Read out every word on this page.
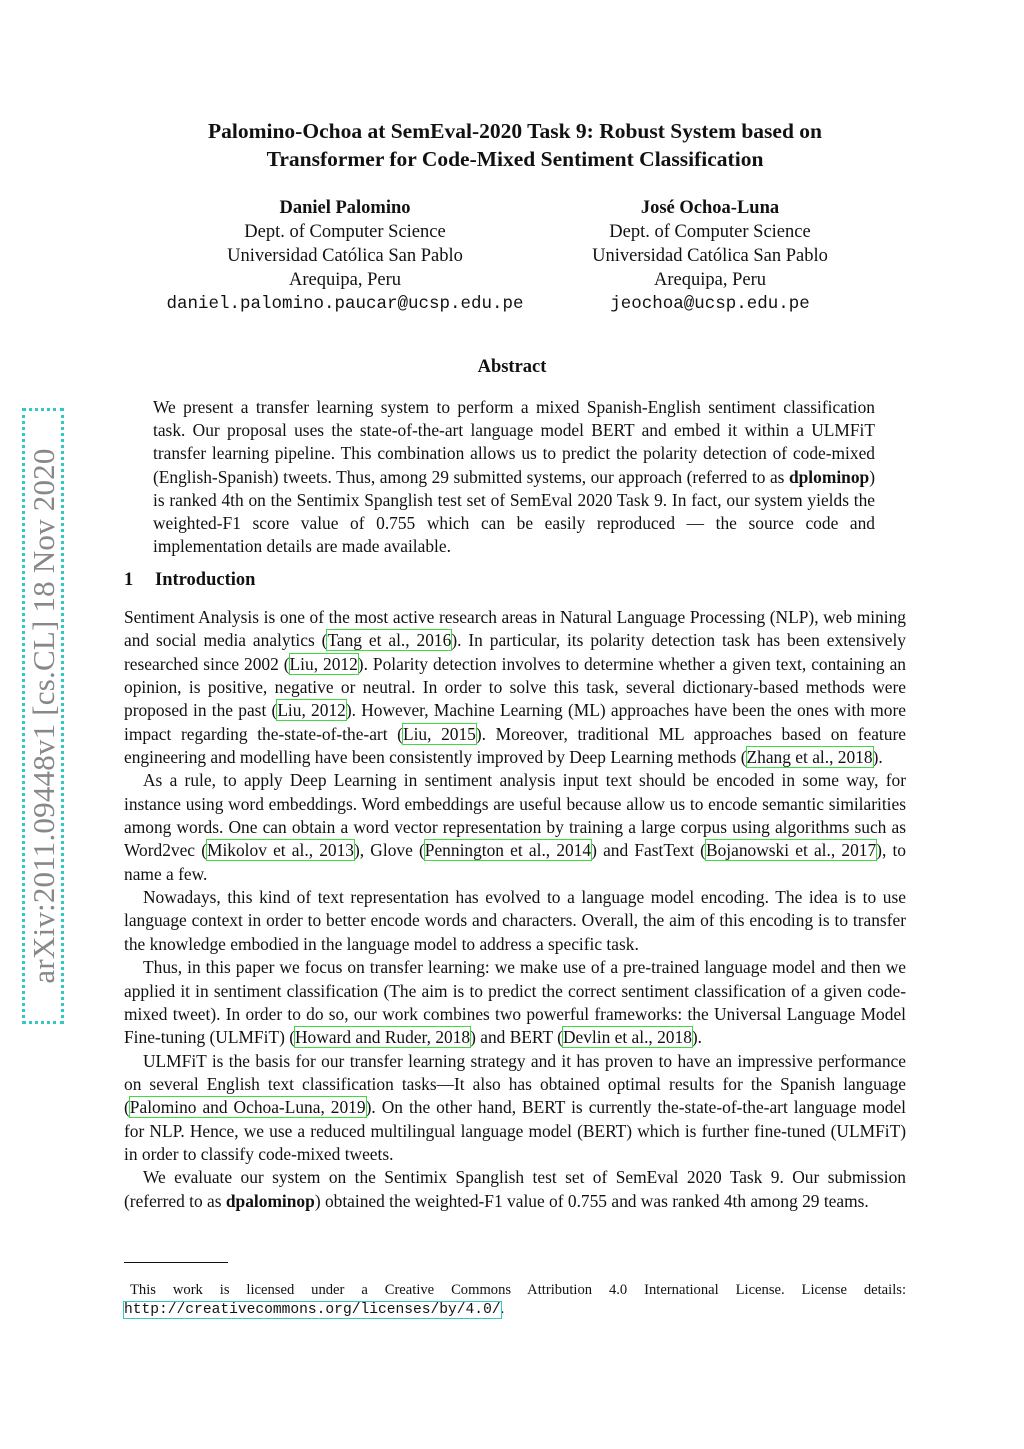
arXiv:2011.09448v1 [cs.CL] 18 Nov 2020
Palomino-Ochoa at SemEval-2020 Task 9: Robust System based on
Transformer for Code-Mixed Sentiment Classification
Daniel Palomino
Dept. of Computer Science
Universidad Católica San Pablo
Arequipa, Peru
daniel.palomino.paucar@ucsp.edu.pe
José Ochoa-Luna
Dept. of Computer Science
Universidad Católica San Pablo
Arequipa, Peru
jeochoa@ucsp.edu.pe
Abstract
We present a transfer learning system to perform a mixed Spanish-English sentiment classification task. Our proposal uses the state-of-the-art language model BERT and embed it within a ULMFiT transfer learning pipeline. This combination allows us to predict the polarity detection of code-mixed (English-Spanish) tweets. Thus, among 29 submitted systems, our approach (referred to as dplominop) is ranked 4th on the Sentimix Spanglish test set of SemEval 2020 Task 9. In fact, our system yields the weighted-F1 score value of 0.755 which can be easily reproduced — the source code and implementation details are made available.
1 Introduction

Sentiment Analysis is one of the most active research areas in Natural Language Processing (NLP), web mining and social media analytics (Tang et al., 2016). In particular, its polarity detection task has been extensively researched since 2002 (Liu, 2012). Polarity detection involves to determine whether a given text, containing an opinion, is positive, negative or neutral. In order to solve this task, several dictionary-based methods were proposed in the past (Liu, 2012). However, Machine Learning (ML) approaches have been the ones with more impact regarding the-state-of-the-art (Liu, 2015). Moreover, traditional ML approaches based on feature engineering and modelling have been consistently improved by Deep Learning methods (Zhang et al., 2018).

As a rule, to apply Deep Learning in sentiment analysis input text should be encoded in some way, for instance using word embeddings. Word embeddings are useful because allow us to encode semantic similarities among words. One can obtain a word vector representation by training a large corpus using algorithms such as Word2vec (Mikolov et al., 2013), Glove (Pennington et al., 2014) and FastText (Bojanowski et al., 2017), to name a few.

Nowadays, this kind of text representation has evolved to a language model encoding. The idea is to use language context in order to better encode words and characters. Overall, the aim of this encoding is to transfer the knowledge embodied in the language model to address a specific task.

Thus, in this paper we focus on transfer learning: we make use of a pre-trained language model and then we applied it in sentiment classification (The aim is to predict the correct sentiment classification of a given code-mixed tweet). In order to do so, our work combines two powerful frameworks: the Universal Language Model Fine-tuning (ULMFiT) (Howard and Ruder, 2018) and BERT (Devlin et al., 2018).

ULMFiT is the basis for our transfer learning strategy and it has proven to have an impressive performance on several English text classification tasks—It also has obtained optimal results for the Spanish language (Palomino and Ochoa-Luna, 2019). On the other hand, BERT is currently the-state-of-the-art language model for NLP. Hence, we use a reduced multilingual language model (BERT) which is further fine-tuned (ULMFiT) in order to classify code-mixed tweets.

We evaluate our system on the Sentimix Spanglish test set of SemEval 2020 Task 9. Our submission (referred to as dpalominop) obtained the weighted-F1 value of 0.755 and was ranked 4th among 29 teams.

This work is licensed under a Creative Commons Attribution 4.0 International License. License details:
http://creativecommons.org/licenses/by/4.0/.
